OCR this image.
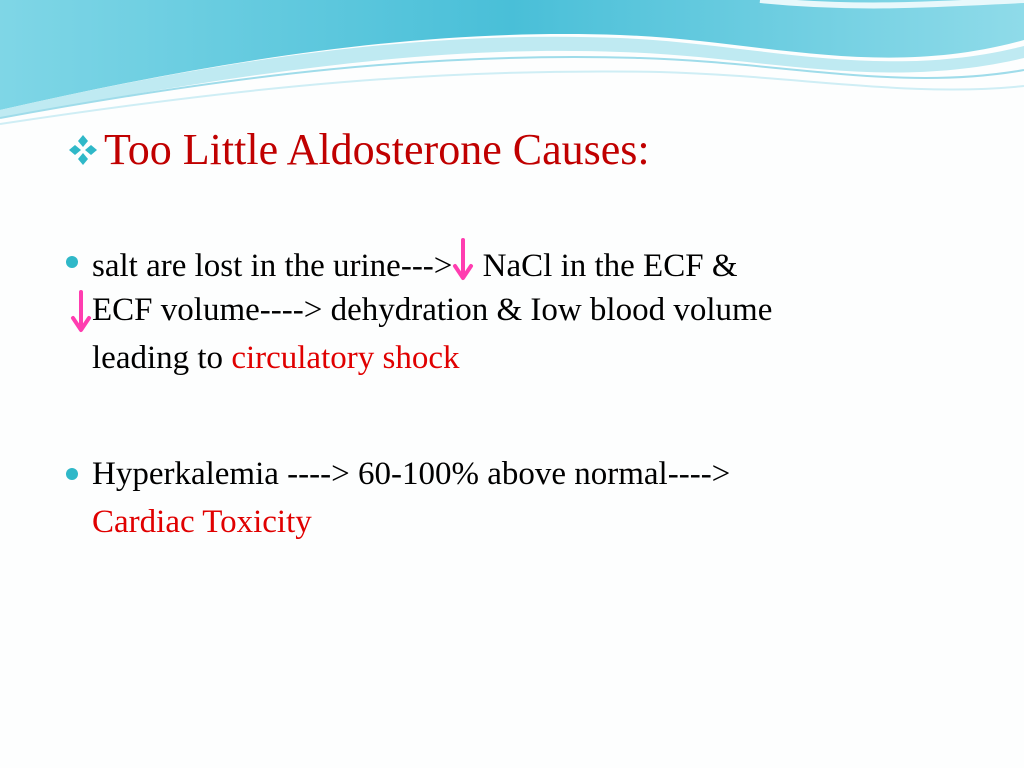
Too Little Aldosterone Causes:
salt are lost in the urine---> NaCl in the ECF &
ECF volume----> dehydration & Iow blood volume
leading to circulatory shock
Hyperkalemia ----> 60-100% above normal---->
Cardiac Toxicity
